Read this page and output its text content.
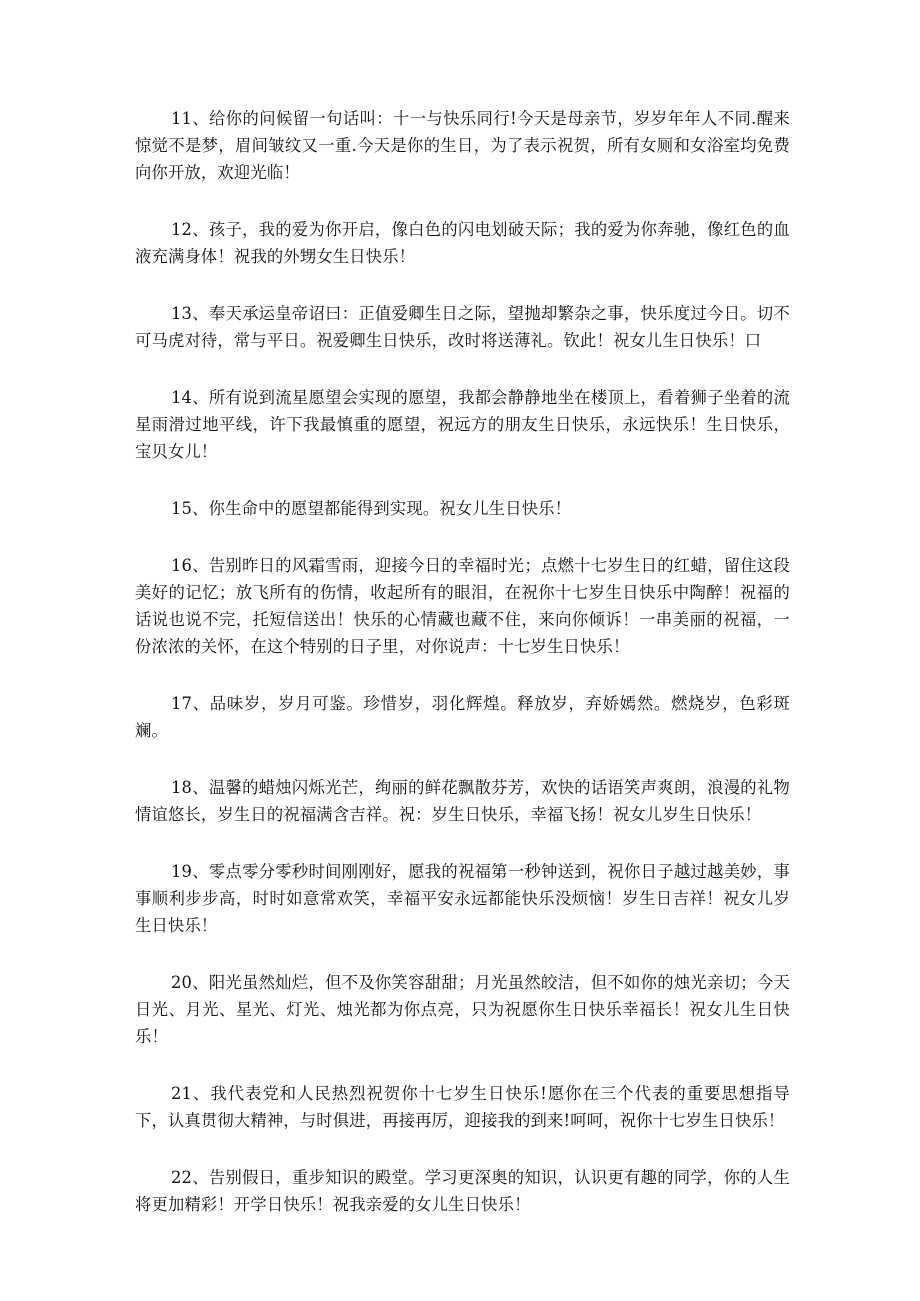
11、给你的问候留一句话叫：十一与快乐同行!今天是母亲节，岁岁年年人不同.醒来惊觉不是梦，眉间皱纹又一重.今天是你的生日，为了表示祝贺，所有女厕和女浴室均免费向你开放，欢迎光临！

12、孩子，我的爱为你开启，像白色的闪电划破天际；我的爱为你奔驰，像红色的血液充满身体！祝我的外甥女生日快乐！

13、奉天承运皇帝诏曰：正值爱卿生日之际，望抛却繁杂之事，快乐度过今日。切不可马虎对待，常与平日。祝爱卿生日快乐，改时将送薄礼。钦此！祝女儿生日快乐！口

14、所有说到流星愿望会实现的愿望，我都会静静地坐在楼顶上，看着狮子坐着的流星雨滑过地平线，许下我最慎重的愿望，祝远方的朋友生日快乐，永远快乐！生日快乐，宝贝女儿！

15、你生命中的愿望都能得到实现。祝女儿生日快乐！

16、告别昨日的风霜雪雨，迎接今日的幸福时光；点燃十七岁生日的红蜡，留住这段美好的记忆；放飞所有的伤情，收起所有的眼泪，在祝你十七岁生日快乐中陶醉！祝福的话说也说不完，托短信送出！快乐的心情藏也藏不住，来向你倾诉！一串美丽的祝福，一份浓浓的关怀，在这个特别的日子里，对你说声：十七岁生日快乐！

17、品味岁，岁月可鉴。珍惜岁，羽化辉煌。释放岁，弃娇嫣然。燃烧岁，色彩斑斓。

18、温馨的蜡烛闪烁光芒，绚丽的鲜花飘散芬芳，欢快的话语笑声爽朗，浪漫的礼物情谊悠长，岁生日的祝福满含吉祥。祝：岁生日快乐，幸福飞扬！祝女儿岁生日快乐！

19、零点零分零秒时间刚刚好，愿我的祝福第一秒钟送到，祝你日子越过越美妙，事事顺利步步高，时时如意常欢笑，幸福平安永远都能快乐没烦恼！岁生日吉祥！祝女儿岁生日快乐！

20、阳光虽然灿烂，但不及你笑容甜甜；月光虽然皎洁，但不如你的烛光亲切；今天日光、月光、星光、灯光、烛光都为你点亮，只为祝愿你生日快乐幸福长！祝女儿生日快乐！

21、我代表党和人民热烈祝贺你十七岁生日快乐!愿你在三个代表的重要思想指导下，认真贯彻大精神，与时俱进，再接再厉，迎接我的到来!呵呵，祝你十七岁生日快乐！

22、告别假日，重步知识的殿堂。学习更深奥的知识，认识更有趣的同学，你的人生将更加精彩！开学日快乐！祝我亲爱的女儿生日快乐！
